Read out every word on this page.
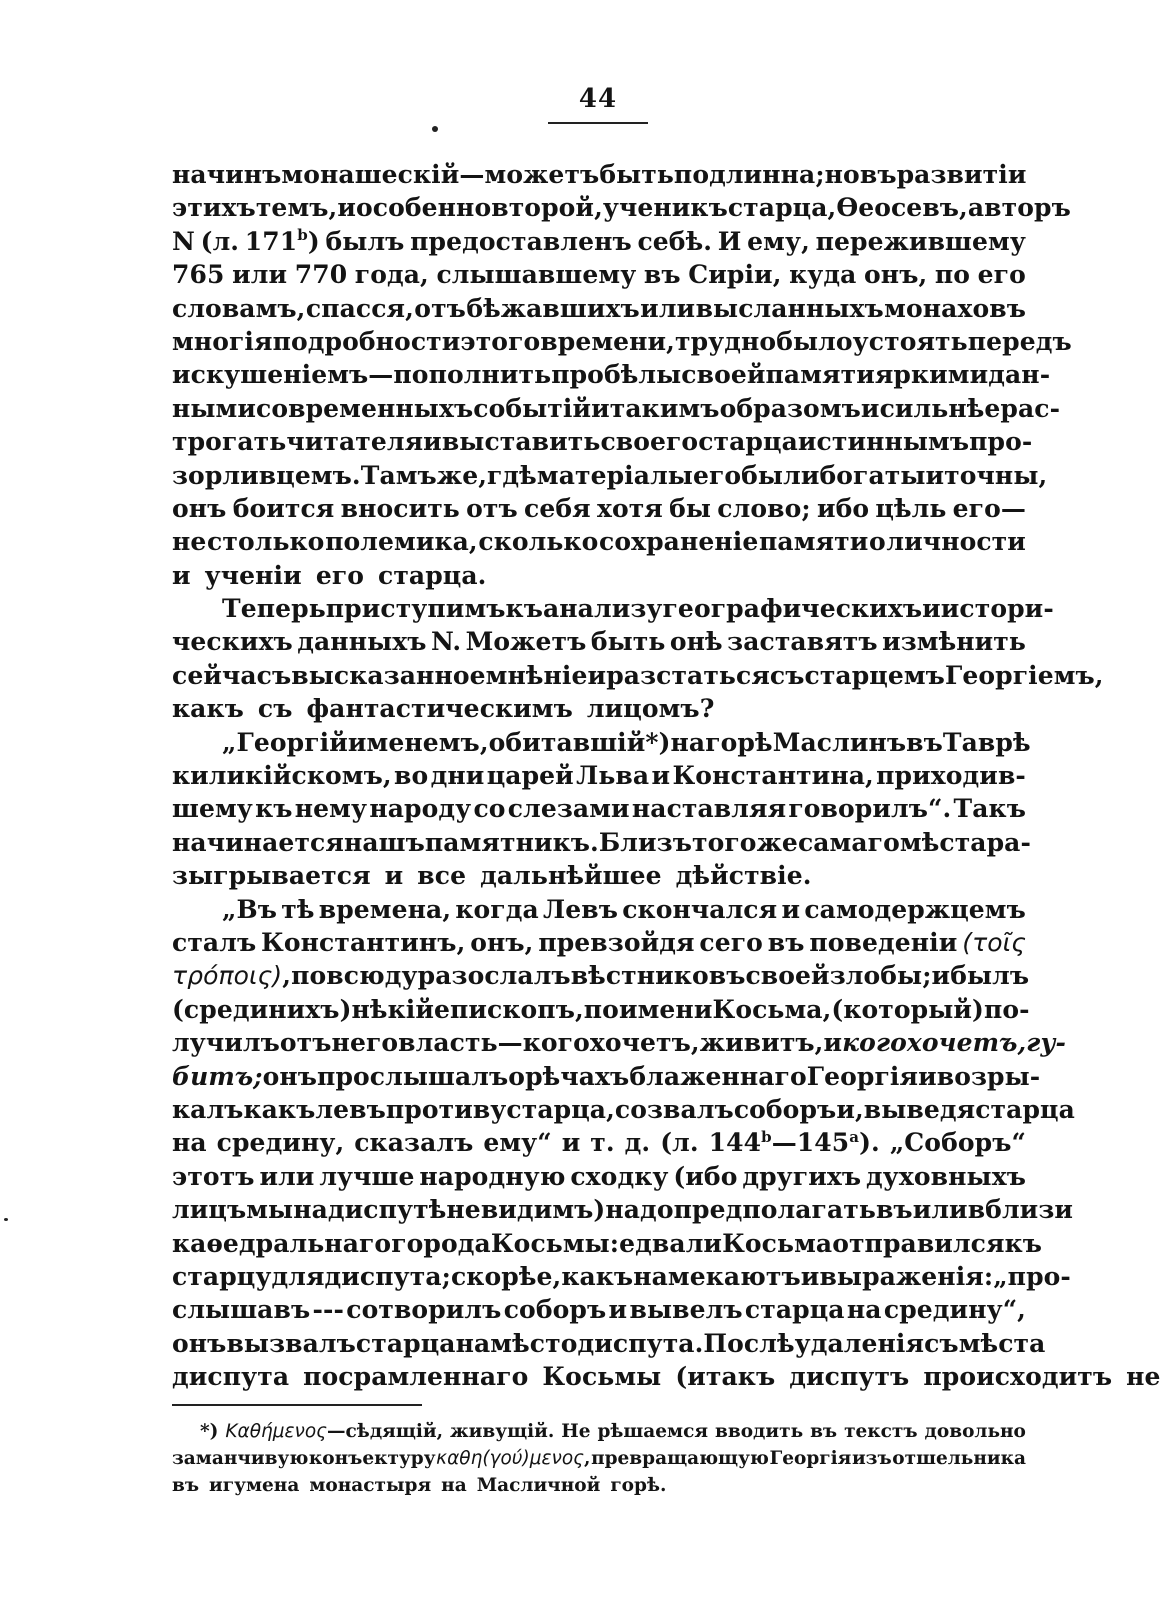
44
на чинъ монашескій—можетъ быть подлинна; но въ развитіи
этихъ темъ, и особенно второй, ученикъ старца, Ѳеосевъ, авторъ
N (л. 171b) былъ предоставленъ себѣ. И ему, пережившему
765 или 770 года, слышавшему въ Сиріи, куда онъ, по его
словамъ, спасся, отъ бѣжавшихъ или высланныхъ монаховъ
многія подробности этого времени, трудно было устоять передъ
искушеніемъ — пополнить пробѣлы своей памяти яркими дан-
ными современныхъ событій и такимъ образомъ и сильнѣе рас-
трогать читателя и выставить своего старца истиннымъ про-
зорливцемъ. Тамъ же, гдѣ матеріалы его были богаты и точны,
онъ боится вносить отъ себя хотя бы слово; ибо цѣль его—
не столько полемика, сколько сохраненіе памяти о личности
и ученіи его старца.
Теперь приступимъ къ анализу географическихъ и истори-
ческихъ данныхъ N. Можетъ быть онѣ заставятъ измѣнить
сейчасъ высказанное мнѣніе и разстаться съ старцемъ Георгіемъ,
какъ съ фантастическимъ лицомъ?
„Георгій именемъ, обитавшій *) на горѣ Маслинъ въ Таврѣ
киликійскомъ, во дни царей Льва и Константина, приходив-
шему къ нему народу со слезами наставляя говорилъ“. Такъ
начинается нашъ памятникъ. Близъ того же самаго мѣста ра-
зыгрывается и все дальнѣйшее дѣйствіе.
„Въ тѣ времена, когда Левъ скончался и самодержцемъ
сталъ Константинъ, онъ, превзойдя сего въ поведеніи (τοῖς
τρόποις), повсюду разослалъ вѣстниковъ своей злобы; и былъ
(среди нихъ) нѣкій епископъ, по имени Косьма, (который) по-
лучилъ отъ него власть—кого хочетъ, живитъ, и кого хочетъ, гу-
битъ; онъ прослышалъ о рѣчахъ блаженнаго Георгія и возры-
калъ какъ левъ противу старца, созвалъ соборъ и, выведя старца
на средину, сказалъ ему“ и т. д. (л. 144b—145a). „Соборъ“
этотъ или лучше народную сходку (ибо другихъ духовныхъ
лицъ мы на диспутѣ не видимъ) надо предполагать въ или вблизи
каѳедральнаго города Косьмы: едва ли Косьма отправился къ
старцу для диспута; скорѣе, какъ намекаютъ и выраженія: „про-
слышавъ --- сотворилъ соборъ и вывелъ старца на средину“,
онъ вызвалъ старца на мѣсто диспута. Послѣ удаленія съ мѣста
диспута посрамленнаго Косьмы (итакъ диспутъ происходитъ не
*) Καθήμενος—сѣдящій, живущій. Не рѣшаемся вводить въ текстъ довольно
заманчивую конъектуру καθη(γού)μενος, превращающую Георгія изъ отшельника
въ игумена монастыря на Масличной горѣ.
